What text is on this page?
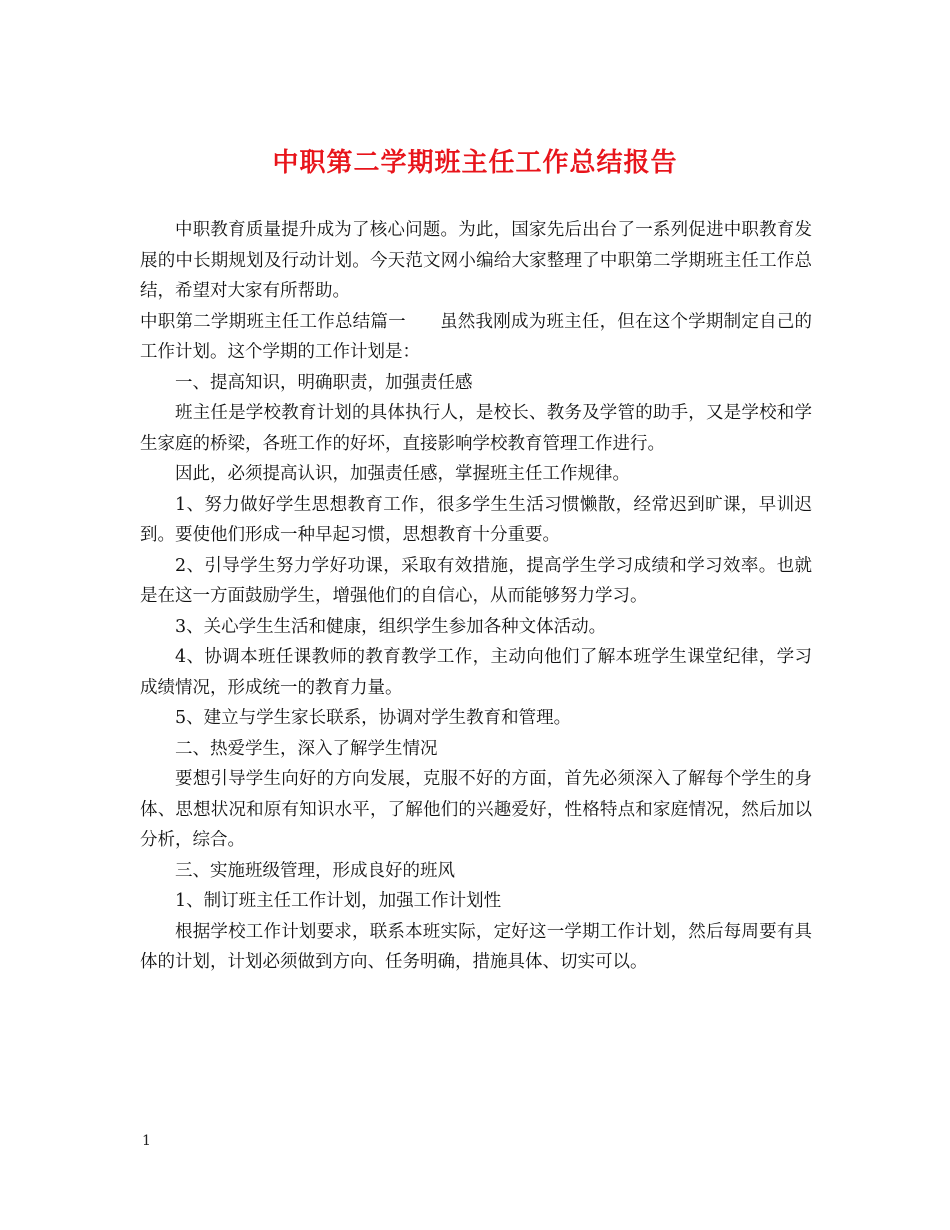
中职第二学期班主任工作总结报告

中职教育质量提升成为了核心问题。为此，国家先后出台了一系列促进中职教育发展的中长期规划及行动计划。今天范文网小编给大家整理了中职第二学期班主任工作总结，希望对大家有所帮助。

中职第二学期班主任工作总结篇一 虽然我刚成为班主任，但在这个学期制定自己的工作计划。这个学期的工作计划是：

一、提高知识，明确职责，加强责任感

班主任是学校教育计划的具体执行人，是校长、教务及学管的助手，又是学校和学生家庭的桥梁，各班工作的好坏，直接影响学校教育管理工作进行。

因此，必须提高认识，加强责任感，掌握班主任工作规律。

1、努力做好学生思想教育工作，很多学生生活习惯懒散，经常迟到旷课，早训迟到。要使他们形成一种早起习惯，思想教育十分重要。

2、引导学生努力学好功课，采取有效措施，提高学生学习成绩和学习效率。也就是在这一方面鼓励学生，增强他们的自信心，从而能够努力学习。

3、关心学生生活和健康，组织学生参加各种文体活动。

4、协调本班任课教师的教育教学工作，主动向他们了解本班学生课堂纪律，学习成绩情况，形成统一的教育力量。

5、建立与学生家长联系，协调对学生教育和管理。

二、热爱学生，深入了解学生情况

要想引导学生向好的方向发展，克服不好的方面，首先必须深入了解每个学生的身体、思想状况和原有知识水平，了解他们的兴趣爱好，性格特点和家庭情况，然后加以分析，综合。

三、实施班级管理，形成良好的班风

1、制订班主任工作计划，加强工作计划性

根据学校工作计划要求，联系本班实际，定好这一学期工作计划，然后每周要有具体的计划，计划必须做到方向、任务明确，措施具体、切实可以。

1
